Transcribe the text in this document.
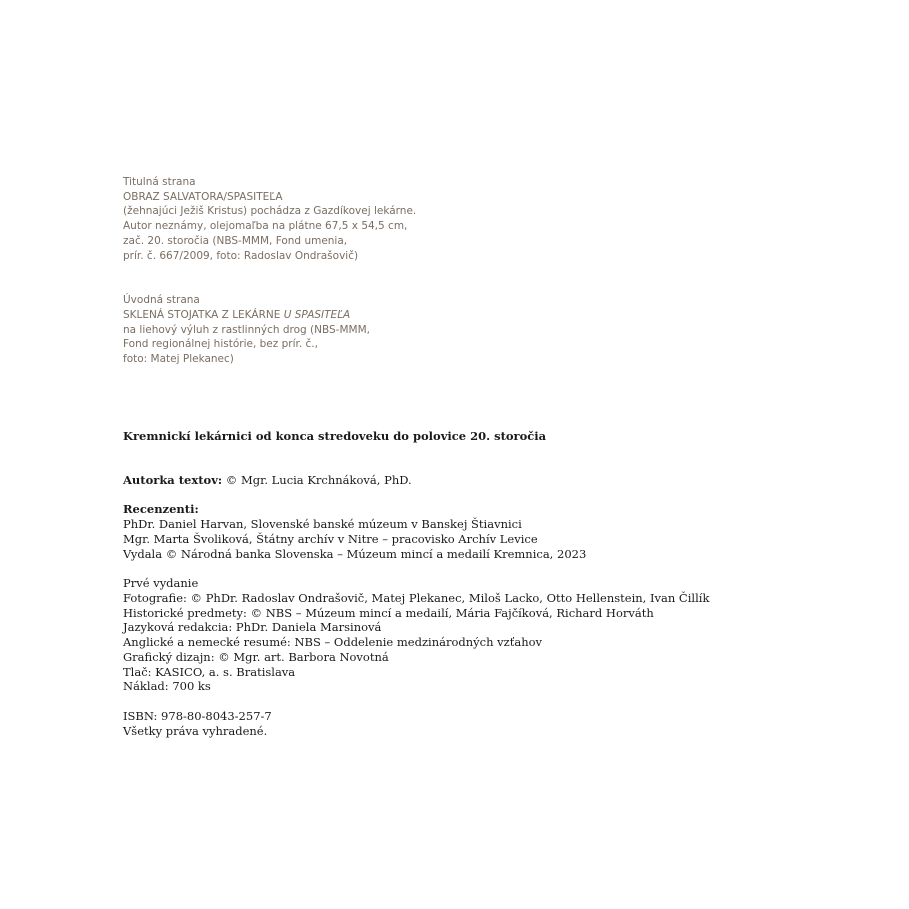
Titulná strana
OBRAZ SALVATORA/SPASITEĽA
(žehnajúci Ježiš Kristus) pochádza z Gazdíkovej lekárne.
Autor neznámy, olejomaľba na plátne 67,5 x 54,5 cm,
zač. 20. storočia (NBS-MMM, Fond umenia,
prír. č. 667/2009, foto: Radoslav Ondrašovič)
Úvodná strana
SKLENÁ STOJATKA Z LEKÁRNE U SPASITEĽA
na liehový výluh z rastlinných drog (NBS-MMM,
Fond regionálnej histórie, bez prír. č.,
foto: Matej Plekanec)
Kremnickí lekárnici od konca stredoveku do polovice 20. storočia
Autorka textov: © Mgr. Lucia Krchnáková, PhD.
Recenzenti:
PhDr. Daniel Harvan, Slovenské banské múzeum v Banskej Štiavnici
Mgr. Marta Švoliková, Štátny archív v Nitre – pracovisko Archív Levice
Vydala © Národná banka Slovenska – Múzeum mincí a medailí Kremnica, 2023
Prvé vydanie
Fotografie: © PhDr. Radoslav Ondrašovič, Matej Plekanec, Miloš Lacko, Otto Hellenstein, Ivan Čillík
Historické predmety: © NBS – Múzeum mincí a medailí, Mária Fajčíková, Richard Horváth
Jazyková redakcia: PhDr. Daniela Marsinová
Anglické a nemecké resumé: NBS – Oddelenie medzinárodných vzťahov
Grafický dizajn: © Mgr. art. Barbora Novotná
Tlač: KASICO, a. s. Bratislava
Náklad: 700 ks
ISBN: 978-80-8043-257-7
Všetky práva vyhradené.
